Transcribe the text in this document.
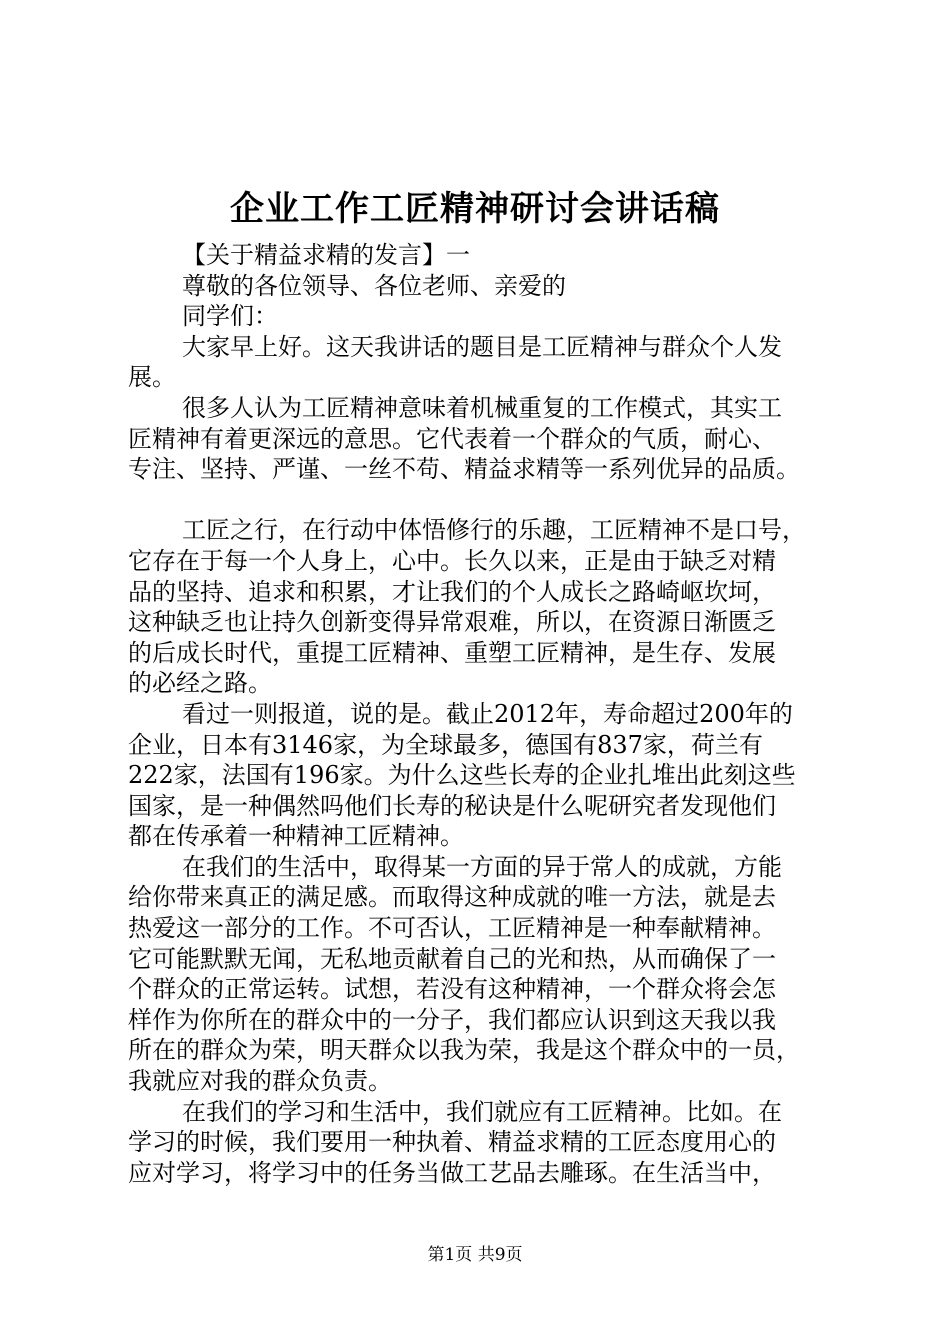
企业工作工匠精神研讨会讲话稿
【关于精益求精的发言】一
尊敬的各位领导、各位老师、亲爱的
同学们：
大家早上好。这天我讲话的题目是工匠精神与群众个人发
展。
很多人认为工匠精神意味着机械重复的工作模式，其实工
匠精神有着更深远的意思。它代表着一个群众的气质，耐心、
专注、坚持、严谨、一丝不苟、精益求精等一系列优异的品质。
工匠之行，在行动中体悟修行的乐趣，工匠精神不是口号，
它存在于每一个人身上，心中。长久以来，正是由于缺乏对精
品的坚持、追求和积累，才让我们的个人成长之路崎岖坎坷，
这种缺乏也让持久创新变得异常艰难，所以，在资源日渐匮乏
的后成长时代，重提工匠精神、重塑工匠精神，是生存、发展
的必经之路。
看过一则报道，说的是。截止2012年，寿命超过200年的
企业，日本有3146家，为全球最多，德国有837家，荷兰有
222家，法国有196家。为什么这些长寿的企业扎堆出此刻这些
国家，是一种偶然吗他们长寿的秘诀是什么呢研究者发现他们
都在传承着一种精神工匠精神。
在我们的生活中，取得某一方面的异于常人的成就，方能
给你带来真正的满足感。而取得这种成就的唯一方法，就是去
热爱这一部分的工作。不可否认，工匠精神是一种奉献精神。
它可能默默无闻，无私地贡献着自己的光和热，从而确保了一
个群众的正常运转。试想，若没有这种精神，一个群众将会怎
样作为你所在的群众中的一分子，我们都应认识到这天我以我
所在的群众为荣，明天群众以我为荣，我是这个群众中的一员，
我就应对我的群众负责。
在我们的学习和生活中，我们就应有工匠精神。比如。在
学习的时候，我们要用一种执着、精益求精的工匠态度用心的
应对学习，将学习中的任务当做工艺品去雕琢。在生活当中，
第1页 共9页
